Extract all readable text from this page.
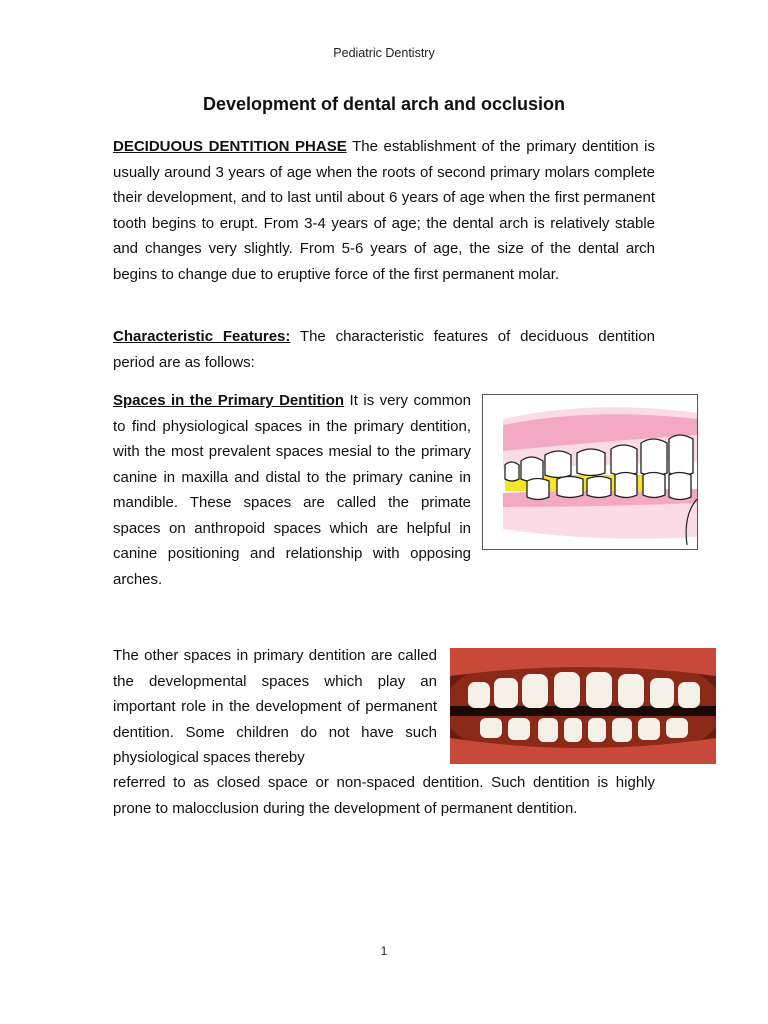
Pediatric Dentistry
Development of dental arch and occlusion
DECIDUOUS DENTITION PHASE The establishment of the primary dentition is usually around 3 years of age when the roots of second primary molars complete their development, and to last until about 6 years of age when the first permanent tooth begins to erupt. From 3-4 years of age; the dental arch is relatively stable and changes very slightly. From 5-6 years of age, the size of the dental arch begins to change due to eruptive force of the first permanent molar.
Characteristic Features: The characteristic features of deciduous dentition period are as follows:
Spaces in the Primary Dentition It is very common to find physiological spaces in the primary dentition, with the most prevalent spaces mesial to the primary canine in maxilla and distal to the primary canine in mandible. These spaces are called the primate spaces on anthropoid spaces which are helpful in canine positioning and relationship with opposing arches.
The other spaces in primary dentition are called the developmental spaces which play an important role in the development of permanent dentition. Some children do not have such physiological spaces thereby
referred to as closed space or non-spaced dentition. Such dentition is highly prone to malocclusion during the development of permanent dentition.
1
